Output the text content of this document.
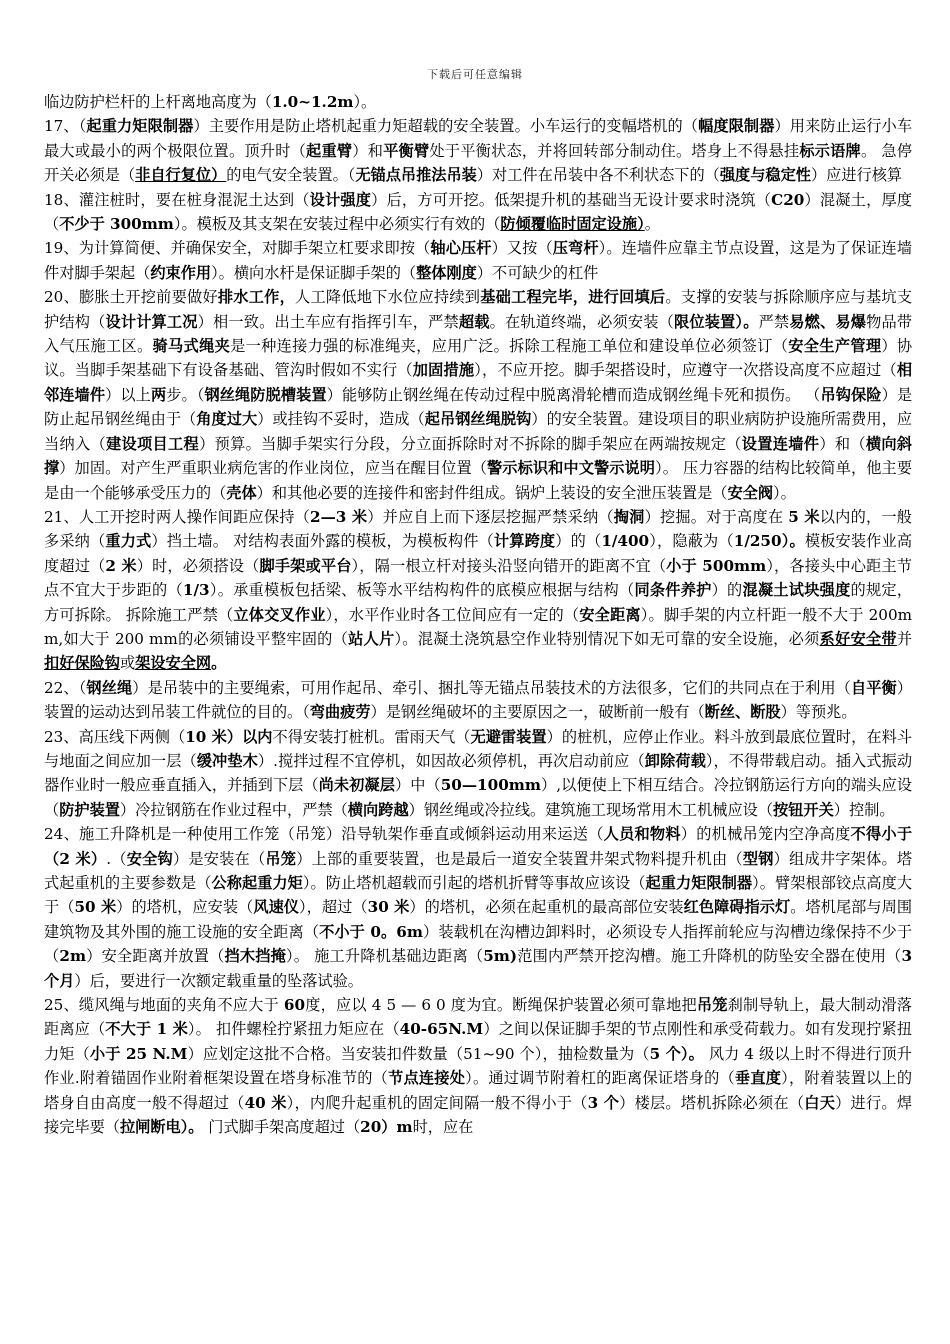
下载后可任意编辑

临边防护栏杆的上杆离地高度为（1.0~1.2m）。

17、（起重力矩限制器）主要作用是防止塔机起重力矩超载的安全装置。小车运行的变幅塔机的（幅度限制器）用来防止运行小车最大或最小的两个极限位置。顶升时（起重臂）和平衡臂处于平衡状态，并将回转部分制动住。塔身上不得悬挂标示语牌。 急停开关必须是（非自行复位）的电气安全装置。（无锚点吊推法吊装）对工件在吊装中各不利状态下的（强度与稳定性）应进行核算

18、灌注桩时，要在桩身混泥土达到（设计强度）后，方可开挖。低架提升机的基础当无设计要求时浇筑（C20）混凝土，厚度（不少于 300mm）。模板及其支架在安装过程中必须实行有效的（防倾覆临时固定设施）。

19、为计算简便、并确保安全，对脚手架立杠要求即按（轴心压杆）又按（压弯杆）。连墙件应靠主节点设置，这是为了保证连墙件对脚手架起（约束作用）。横向水杆是保证脚手架的（整体刚度）不可缺少的杠件

20、膨胀土开挖前要做好排水工作，人工降低地下水位应持续到基础工程完毕，进行回填后。支撑的安装与拆除顺序应与基坑支护结构（设计计算工况）相一致。出土车应有指挥引车，严禁超载。在轨道终端，必须安装（限位装置）。严禁易燃、易爆物品带入气压施工区。骑马式绳夹是一种连接力强的标准绳夹，应用广泛。拆除工程施工单位和建设单位必须签订（安全生产管理）协议。当脚手架基础下有设备基础、管沟时假如不实行（加固措施），不应开挖。脚手架搭设时，应遵守一次搭设高度不应超过（相邻连墙件）以上两步。（钢丝绳防脱槽装置）能够防止钢丝绳在传动过程中脱离滑轮槽而造成钢丝绳卡死和损伤。 （吊钩保险）是防止起吊钢丝绳由于（角度过大）或挂钩不妥时，造成（起吊钢丝绳脱钩）的安全装置。建设项目的职业病防护设施所需费用，应当纳入（建设项目工程）预算。当脚手架实行分段，分立面拆除时对不拆除的脚手架应在两端按规定（设置连墙件）和（横向斜撑）加固。对产生严重职业病危害的作业岗位，应当在醒目位置（警示标识和中文警示说明）。 压力容器的结构比较简单，他主要是由一个能够承受压力的（壳体）和其他必要的连接件和密封件组成。锅炉上装设的安全泄压装置是（安全阀）。

21、人工开挖时两人操作间距应保持（2—3 米）并应自上而下逐层挖掘严禁采纳（掏洞）挖掘。对于高度在 5 米以内的，一般多采纳（重力式）挡土墙。 对结构表面外露的模板，为模板构件（计算跨度）的（1/400），隐蔽为（1/250）。模板安装作业高度超过（2 米）时，必须搭设（脚手架或平台），隔一根立杆对接头沿竖向错开的距离不宜（小于 500mm），各接头中心距主节点不宜大于步距的（1/3）。承重模板包括梁、板等水平结构构件的底模应根据与结构（同条件养护）的混凝土试块强度的规定，方可拆除。 拆除施工严禁（立体交叉作业），水平作业时各工位间应有一定的（安全距离）。脚手架的内立杆距一般不大于 200mm,如大于 200 mm的必须铺设平整牢固的（站人片）。混凝土浇筑悬空作业特别情况下如无可靠的安全设施，必须系好安全带并扣好保险钩或架设安全网。

22、（钢丝绳）是吊装中的主要绳索，可用作起吊、牵引、捆扎等无锚点吊装技术的方法很多，它们的共同点在于利用（自平衡）装置的运动达到吊装工件就位的目的。（弯曲疲劳）是钢丝绳破坏的主要原因之一，破断前一般有（断丝、断股）等预兆。

23、高压线下两侧（10 米）以内不得安装打桩机。雷雨天气（无避雷装置）的桩机，应停止作业。料斗放到最底位置时，在料斗与地面之间应加一层（缓冲垫木）.搅拌过程不宜停机，如因故必须停机，再次启动前应（卸除荷载），不得带载启动。插入式振动器作业时一般应垂直插入，并插到下层（尚未初凝层）中（50—100mm）,以便使上下相互结合。冷拉钢筋运行方向的端头应设（防护装置）冷拉钢筋在作业过程中，严禁（横向跨越）钢丝绳或冷拉线。建筑施工现场常用木工机械应设（按钮开关）控制。

24、施工升降机是一种使用工作笼（吊笼）沿导轨架作垂直或倾斜运动用来运送（人员和物料）的机械吊笼内空净高度不得小于（2 米）.（安全钩）是安装在（吊笼）上部的重要装置，也是最后一道安全装置井架式物料提升机由（型钢）组成井字架体。塔式起重机的主要参数是（公称起重力矩）。防止塔机超载而引起的塔机折臂等事故应该设（起重力矩限制器）。臂架根部铰点高度大于（50 米）的塔机，应安装（风速仪），超过（30 米）的塔机，必须在起重机的最高部位安装红色障碍指示灯。塔机尾部与周围建筑物及其外围的施工设施的安全距离（不小于 0。6m）装载机在沟槽边卸料时，必须设专人指挥前轮应与沟槽边缘保持不少于（2m）安全距离并放置（挡木挡掩）。 施工升降机基础边距离（5m)范围内严禁开挖沟槽。施工升降机的防坠安全器在使用（3 个月）后，要进行一次额定载重量的坠落试验。

25、缆风绳与地面的夹角不应大于 60度，应以 4 5 — 6 0 度为宜。断绳保护装置必须可靠地把吊笼刹制导轨上，最大制动滑落距离应（不大于 1 米）。 扣件螺栓拧紧扭力矩应在（40-65N.M）之间以保证脚手架的节点刚性和承受荷载力。如有发现拧紧扭力矩（小于 25 N.M）应划定这批不合格。当安装扣件数量（51~90 个），抽检数量为（5 个）。 风力 4 级以上时不得进行顶升作业.附着锚固作业附着框架设置在塔身标准节的（节点连接处）。通过调节附着杠的距离保证塔身的（垂直度），附着装置以上的塔身自由高度一般不得超过（40 米），内爬升起重机的固定间隔一般不得小于（3 个）楼层。塔机拆除必须在（白天）进行。焊接完毕要（拉闸断电）。 门式脚手架高度超过（20）m时，应在
